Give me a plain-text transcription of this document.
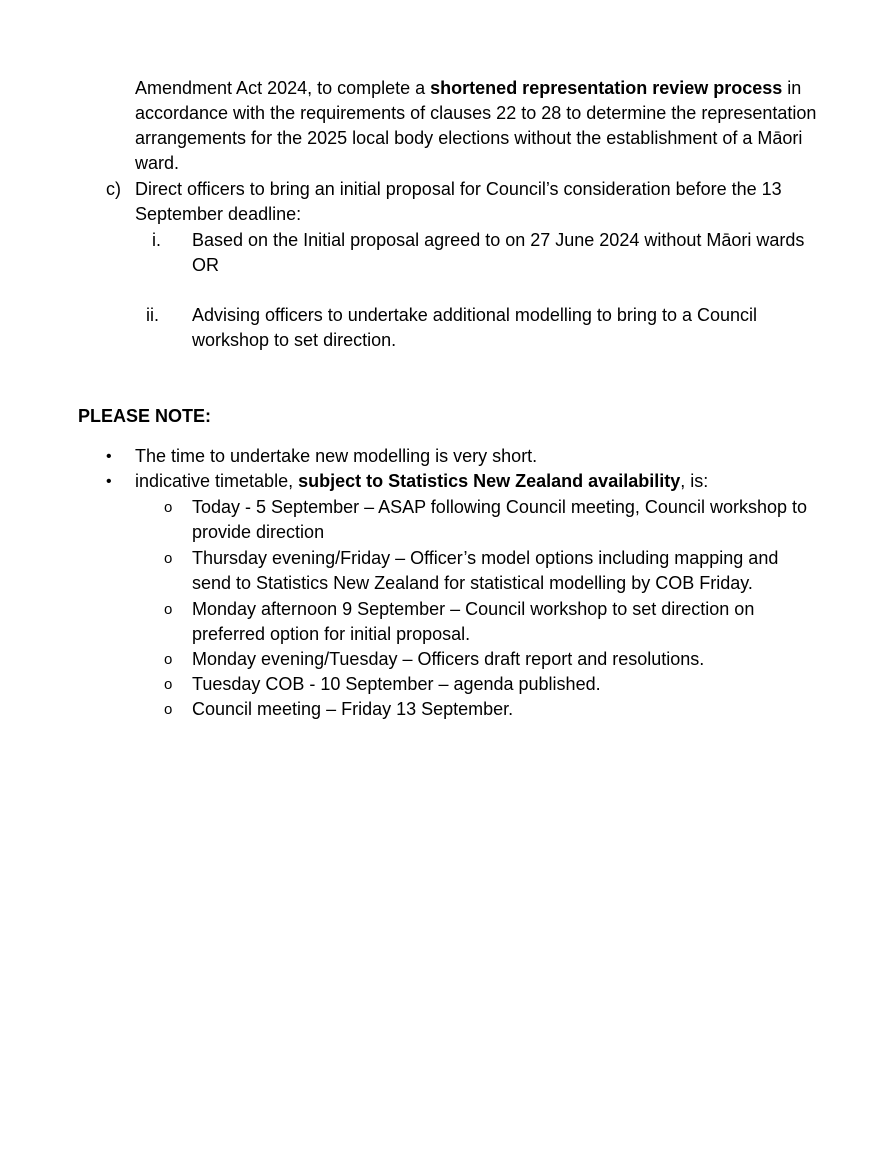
Amendment Act 2024, to complete a shortened representation review process in accordance with the requirements of clauses 22 to 28 to determine the representation arrangements for the 2025 local body elections without the establishment of a Māori ward.

c) Direct officers to bring an initial proposal for Council’s consideration before the 13 September deadline:
i. Based on the Initial proposal agreed to on 27 June 2024 without Māori wards
OR
ii. Advising officers to undertake additional modelling to bring to a Council workshop to set direction.
PLEASE NOTE:
• The time to undertake new modelling is very short.
• indicative timetable, subject to Statistics New Zealand availability, is:
o Today - 5 September – ASAP following Council meeting, Council workshop to provide direction
o Thursday evening/Friday – Officer’s model options including mapping and send to Statistics New Zealand for statistical modelling by COB Friday.
o Monday afternoon 9 September – Council workshop to set direction on preferred option for initial proposal.
o Monday evening/Tuesday – Officers draft report and resolutions.
o Tuesday COB - 10 September – agenda published.
o Council meeting – Friday 13 September.
